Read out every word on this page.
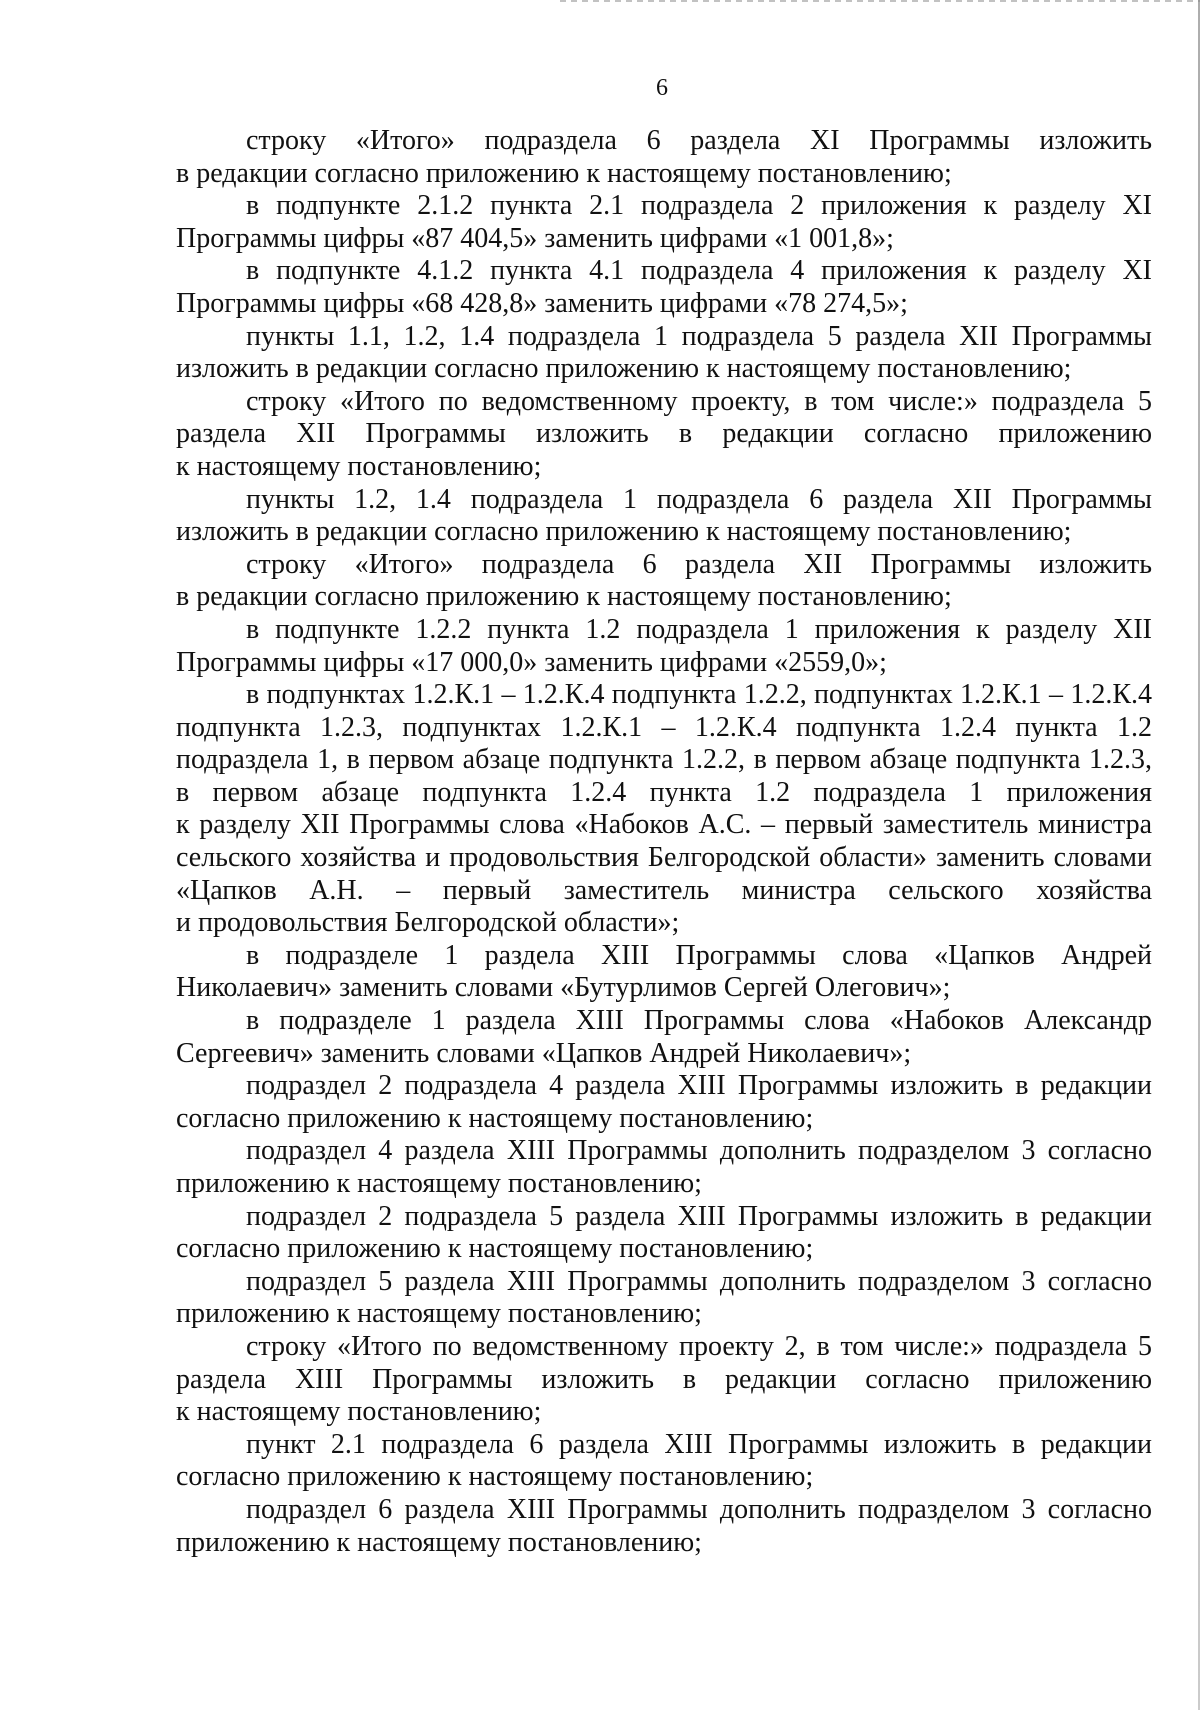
6
строку «Итого» подраздела 6 раздела XI Программы изложить
в редакции согласно приложению к настоящему постановлению;
в подпункте 2.1.2 пункта 2.1 подраздела 2 приложения к разделу XI
Программы цифры «87 404,5» заменить цифрами «1 001,8»;
в подпункте 4.1.2 пункта 4.1 подраздела 4 приложения к разделу XI
Программы цифры «68 428,8» заменить цифрами «78 274,5»;
пункты 1.1, 1.2, 1.4 подраздела 1 подраздела 5 раздела XII Программы
изложить в редакции согласно приложению к настоящему постановлению;
строку «Итого по ведомственному проекту, в том числе:» подраздела 5
раздела XII Программы изложить в редакции согласно приложению
к настоящему постановлению;
пункты 1.2, 1.4 подраздела 1 подраздела 6 раздела XII Программы
изложить в редакции согласно приложению к настоящему постановлению;
строку «Итого» подраздела 6 раздела XII Программы изложить
в редакции согласно приложению к настоящему постановлению;
в подпункте 1.2.2 пункта 1.2 подраздела 1 приложения к разделу XII
Программы цифры «17 000,0» заменить цифрами «2559,0»;
в подпунктах 1.2.К.1 – 1.2.К.4 подпункта 1.2.2, подпунктах 1.2.К.1 – 1.2.К.4
подпункта 1.2.3, подпунктах 1.2.К.1 – 1.2.К.4 подпункта 1.2.4 пункта 1.2
подраздела 1, в первом абзаце подпункта 1.2.2, в первом абзаце подпункта 1.2.3,
в первом абзаце подпункта 1.2.4 пункта 1.2 подраздела 1 приложения
к разделу XII Программы слова «Набоков А.С. – первый заместитель министра
сельского хозяйства и продовольствия Белгородской области» заменить словами
«Цапков А.Н. – первый заместитель министра сельского хозяйства
и продовольствия Белгородской области»;
в подразделе 1 раздела XIII Программы слова «Цапков Андрей
Николаевич» заменить словами «Бутурлимов Сергей Олегович»;
в подразделе 1 раздела XIII Программы слова «Набоков Александр
Сергеевич» заменить словами «Цапков Андрей Николаевич»;
подраздел 2 подраздела 4 раздела XIII Программы изложить в редакции
согласно приложению к настоящему постановлению;
подраздел 4 раздела XIII Программы дополнить подразделом 3 согласно
приложению к настоящему постановлению;
подраздел 2 подраздела 5 раздела XIII Программы изложить в редакции
согласно приложению к настоящему постановлению;
подраздел 5 раздела XIII Программы дополнить подразделом 3 согласно
приложению к настоящему постановлению;
строку «Итого по ведомственному проекту 2, в том числе:» подраздела 5
раздела XIII Программы изложить в редакции согласно приложению
к настоящему постановлению;
пункт 2.1 подраздела 6 раздела XIII Программы изложить в редакции
согласно приложению к настоящему постановлению;
подраздел 6 раздела XIII Программы дополнить подразделом 3 согласно
приложению к настоящему постановлению;
